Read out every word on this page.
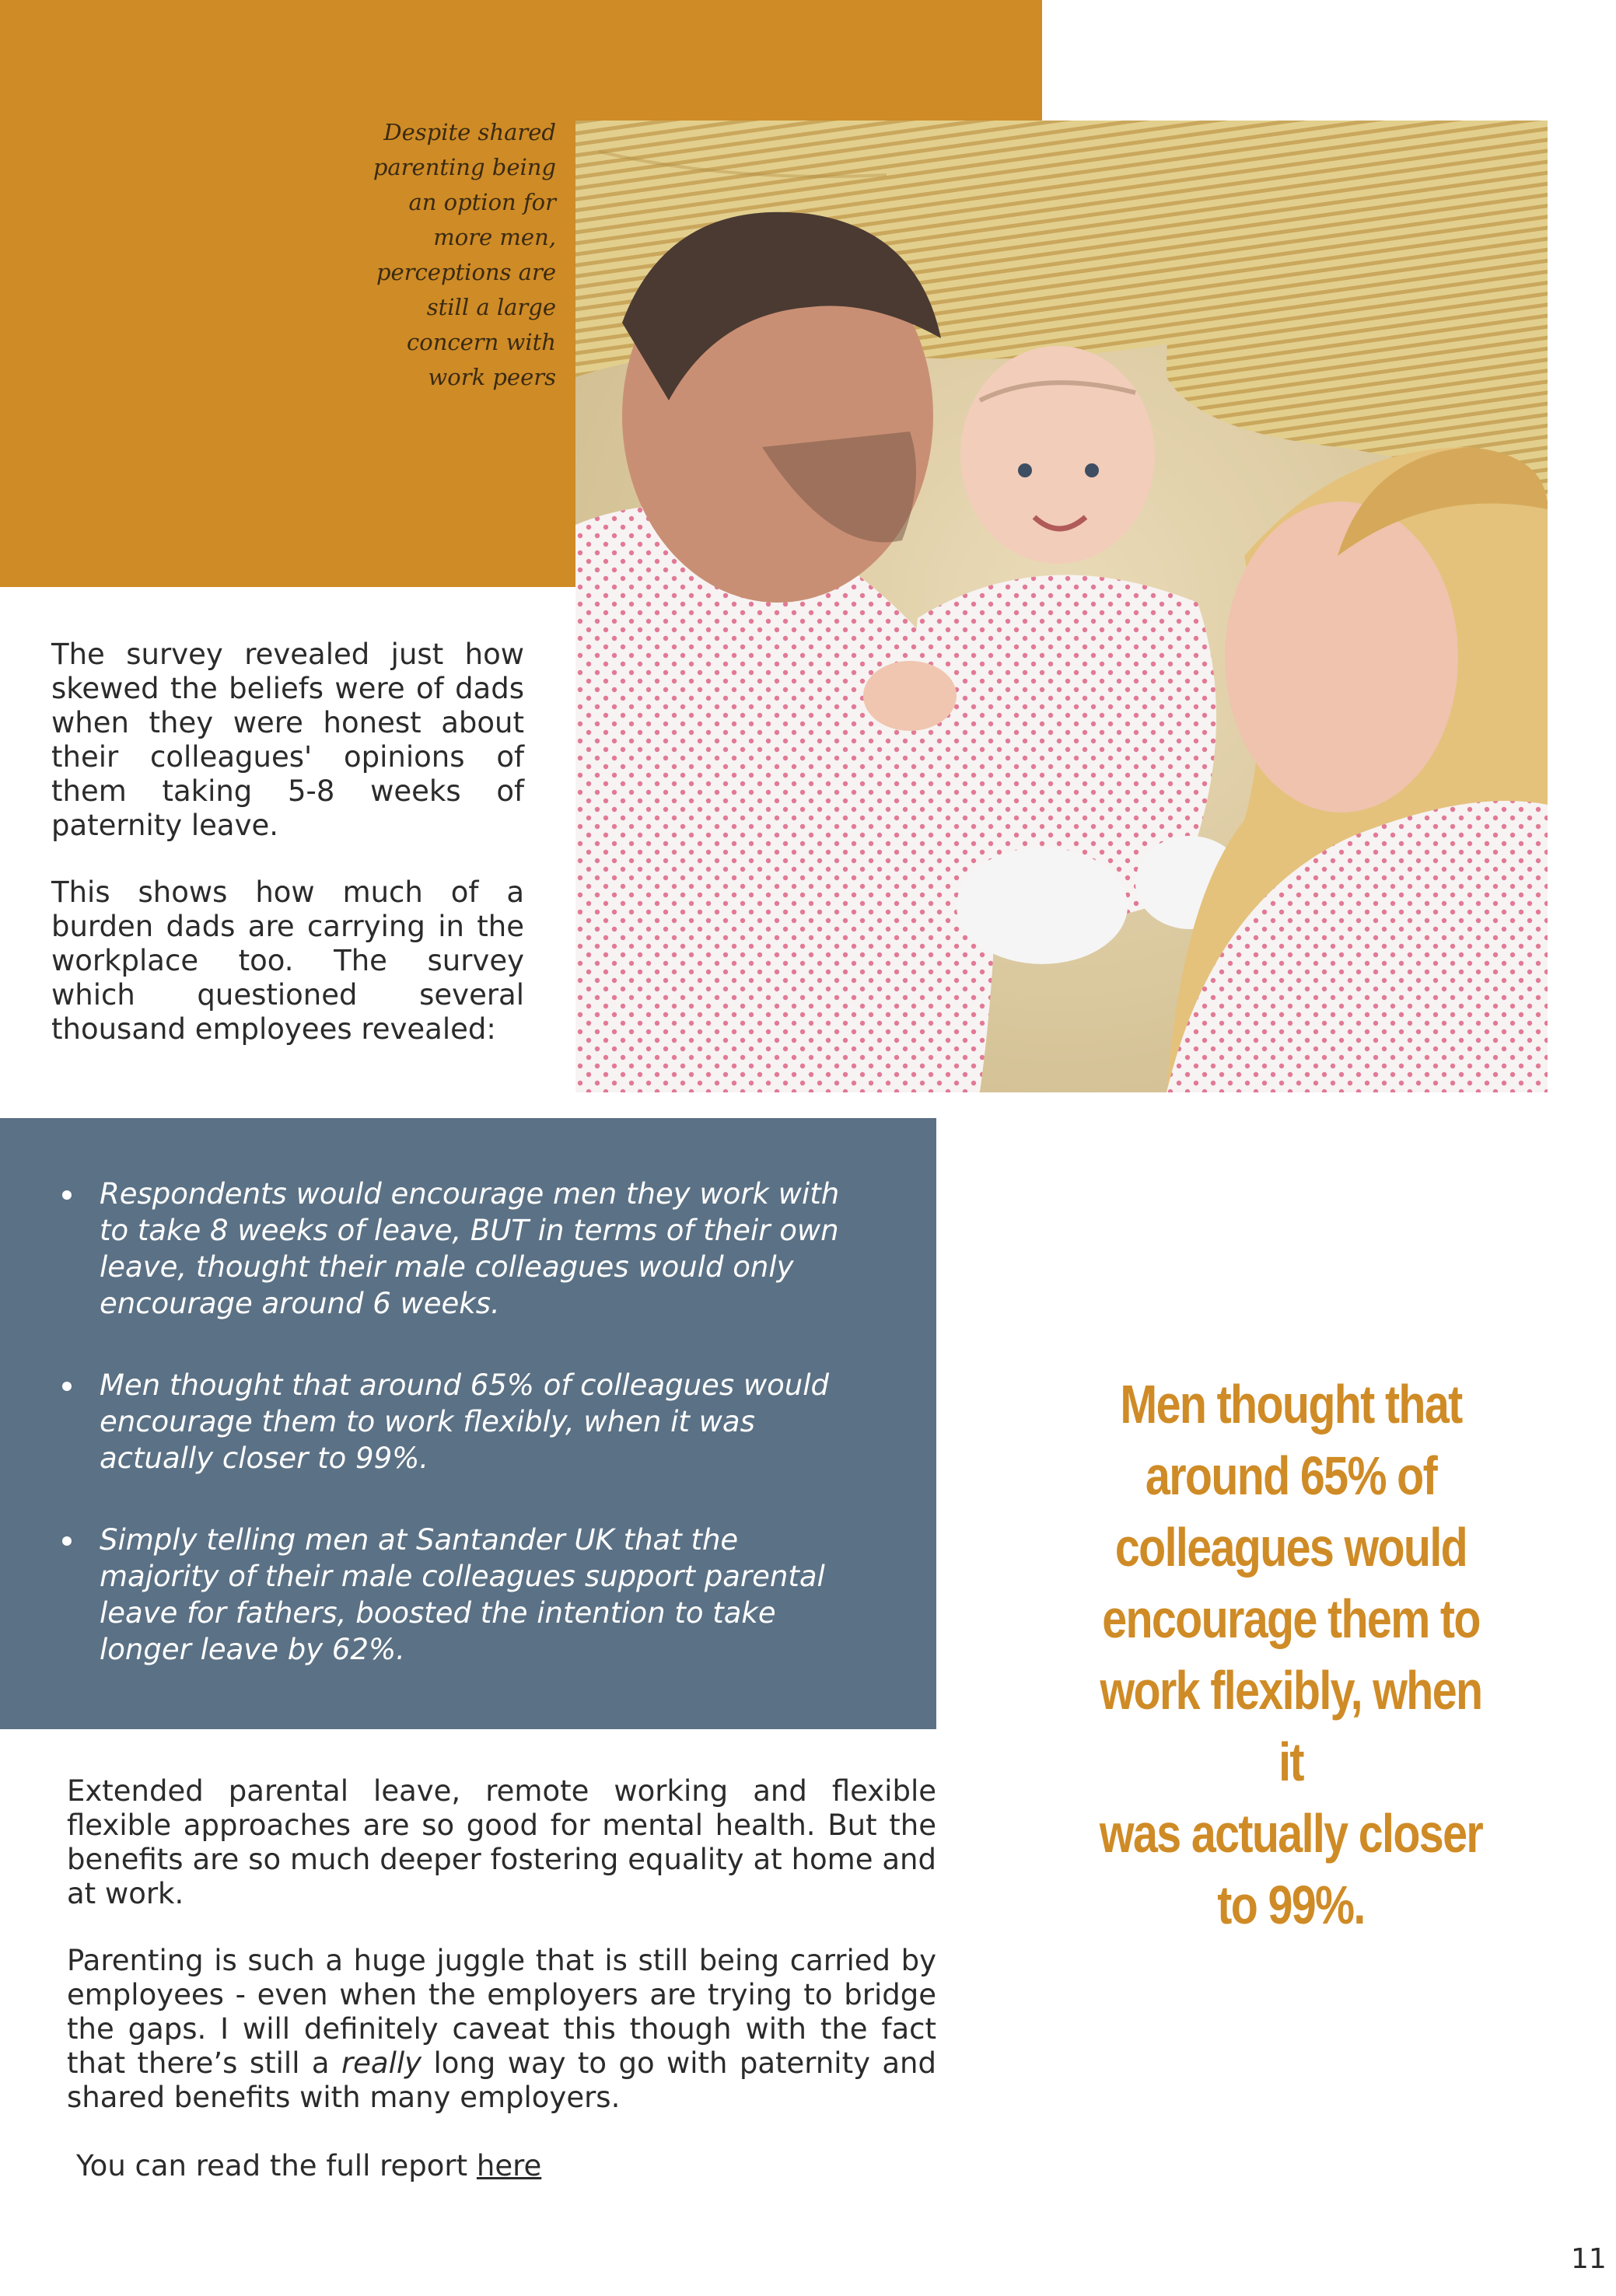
Despite shared
parenting being
an option for
more men,
perceptions are
still a large
concern with
work peers

The survey revealed just how skewed the beliefs were of dads when they were honest about their colleagues' opinions of them taking 5-8 weeks of paternity leave.

This shows how much of a burden dads are carrying in the workplace too. The survey which questioned several thousand employees revealed:

Respondents would encourage men they work with to take 8 weeks of leave, BUT in terms of their own leave, thought their male colleagues would only encourage around 6 weeks.
Men thought that around 65% of colleagues would encourage them to work flexibly, when it was actually closer to 99%.
Simply telling men at Santander UK that the majority of their male colleagues support parental leave for fathers, boosted the intention to take longer leave by 62%.
Men thought that
around 65% of
colleagues would
encourage them to
work flexibly, when it
was actually closer
to 99%.

Extended parental leave, remote working and flexible flexible approaches are so good for mental health. But the benefits are so much deeper fostering equality at home and at work.

Parenting is such a huge juggle that is still being carried by employees - even when the employers are trying to bridge the gaps. I will definitely caveat this though with the fact that there’s still a really long way to go with paternity and shared benefits with many employers.

You can read the full report here
11
